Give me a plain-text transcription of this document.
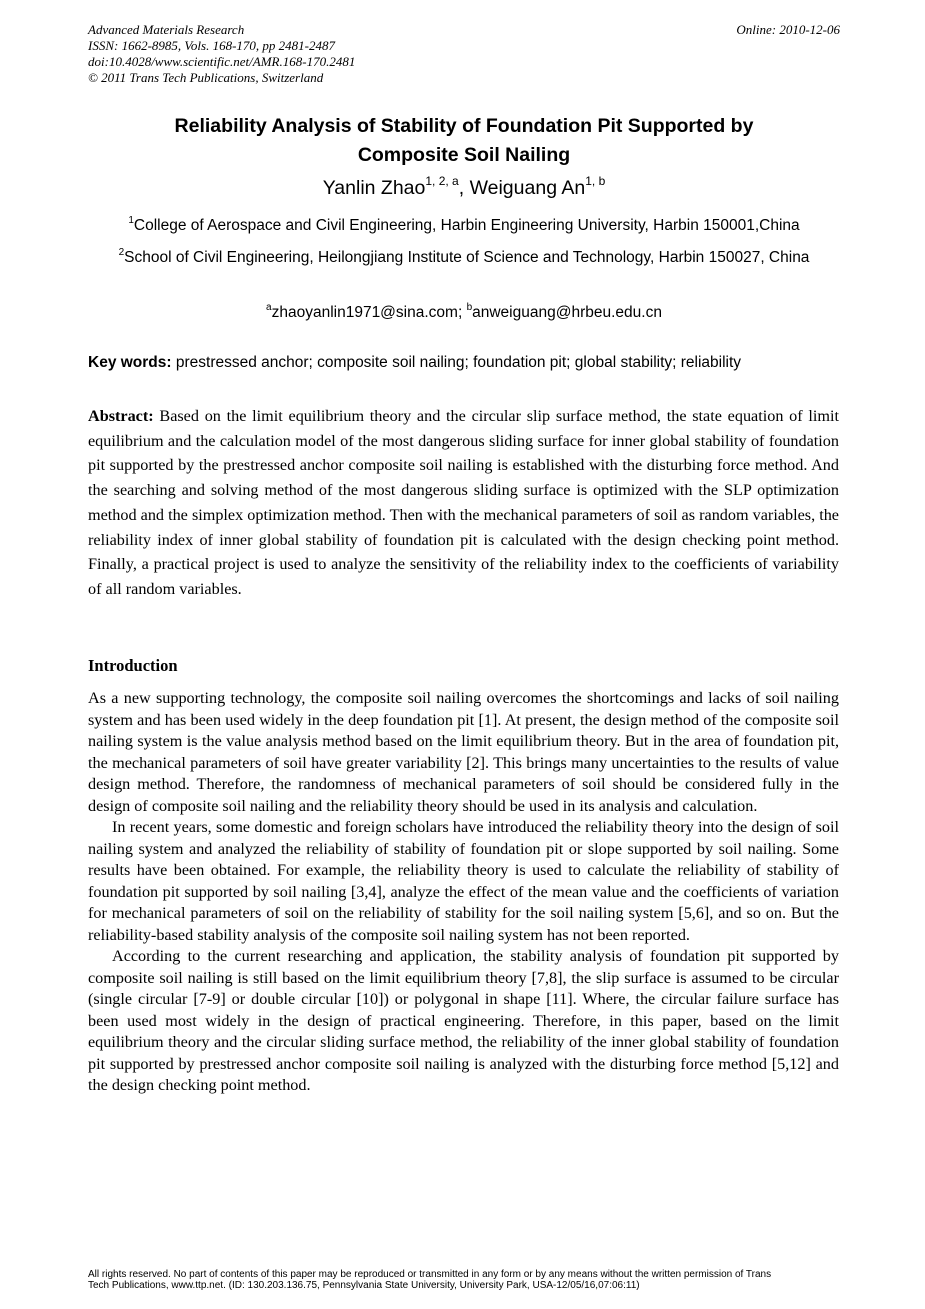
Advanced Materials Research
ISSN: 1662-8985, Vols. 168-170, pp 2481-2487
doi:10.4028/www.scientific.net/AMR.168-170.2481
© 2011 Trans Tech Publications, Switzerland
Online: 2010-12-06
Reliability Analysis of Stability of Foundation Pit Supported by
Composite Soil Nailing
Yanlin Zhao$^{1, 2, a}$, Weiguang An$^{1, b}$
$^1$College of Aerospace and Civil Engineering, Harbin Engineering University, Harbin 150001,China
$^2$School of Civil Engineering, Heilongjiang Institute of Science and Technology, Harbin 150027, China
$^a$zhaoyanlin1971@sina.com; $^b$anweiguang@hrbeu.edu.cn
Key words: prestressed anchor; composite soil nailing; foundation pit; global stability; reliability
Abstract: Based on the limit equilibrium theory and the circular slip surface method, the state equation of limit equilibrium and the calculation model of the most dangerous sliding surface for inner global stability of foundation pit supported by the prestressed anchor composite soil nailing is established with the disturbing force method. And the searching and solving method of the most dangerous sliding surface is optimized with the SLP optimization method and the simplex optimization method. Then with the mechanical parameters of soil as random variables, the reliability index of inner global stability of foundation pit is calculated with the design checking point method. Finally, a practical project is used to analyze the sensitivity of the reliability index to the coefficients of variability of all random variables.
Introduction

As a new supporting technology, the composite soil nailing overcomes the shortcomings and lacks of soil nailing system and has been used widely in the deep foundation pit [1]. At present, the design method of the composite soil nailing system is the value analysis method based on the limit equilibrium theory. But in the area of foundation pit, the mechanical parameters of soil have greater variability [2]. This brings many uncertainties to the results of value design method. Therefore, the randomness of mechanical parameters of soil should be considered fully in the design of composite soil nailing and the reliability theory should be used in its analysis and calculation.

In recent years, some domestic and foreign scholars have introduced the reliability theory into the design of soil nailing system and analyzed the reliability of stability of foundation pit or slope supported by soil nailing. Some results have been obtained. For example, the reliability theory is used to calculate the reliability of stability of foundation pit supported by soil nailing [3,4], analyze the effect of the mean value and the coefficients of variation for mechanical parameters of soil on the reliability of stability for the soil nailing system [5,6], and so on. But the reliability-based stability analysis of the composite soil nailing system has not been reported.

According to the current researching and application, the stability analysis of foundation pit supported by composite soil nailing is still based on the limit equilibrium theory [7,8], the slip surface is assumed to be circular (single circular [7-9] or double circular [10]) or polygonal in shape [11]. Where, the circular failure surface has been used most widely in the design of practical engineering. Therefore, in this paper, based on the limit equilibrium theory and the circular sliding surface method, the reliability of the inner global stability of foundation pit supported by prestressed anchor composite soil nailing is analyzed with the disturbing force method [5,12] and the design checking point method.

All rights reserved. No part of contents of this paper may be reproduced or transmitted in any form or by any means without the written permission of Trans
Tech Publications, www.ttp.net. (ID: 130.203.136.75, Pennsylvania State University, University Park, USA-12/05/16,07:06:11)
